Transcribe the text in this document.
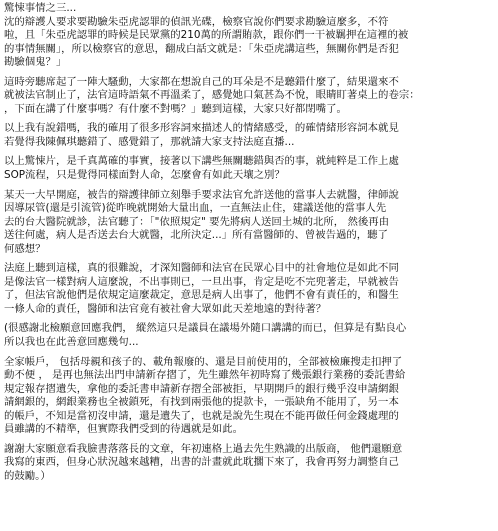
驚悚事情之三...
沈的辯護人要求要勘驗朱亞虎認罪的偵訊光碟，檢察官說你們要求勘驗這麼多，不符
啦，且「朱亞虎認罪的時候是民眾黨的210萬的所謂賄款，跟你們一干被羈押在這裡的被
的事情無關」，所以檢察官的意思，翻成白話文就是：「朱亞虎講這些，無關你們是否犯
勘驗個鬼？」
這時旁聽席起了一陣大騷動，大家都在想說自己的耳朵是不是聽錯什麼了，結果還來不
就被法官制止了，法官這時語氣不再溫柔了，感覺她口氣甚為不悅，眼睛盯著桌上的卷宗：
，下面在講了什麼事嗎？有什麼不對嗎？」聽到這樣，大家只好都閉嘴了。
以上我有說錯嗎，我的確用了很多形容詞來描述人的情緒感受，的確情緒形容詞本就見
若覺得我陳佩琪聽錯了、感覺錯了，那就請大家支持法庭直播...
以上驚悚片，是千真萬確的事實，接著以下講些無關聽錯與否的事，就純粹是工作上處
SOP流程，只是覺得同樣面對人命，怎麼會有如此天壤之別？
某天一大早開庭，被告的辯護律師立刻舉手要求法官允許送他的當事人去就醫，律師說
因導尿管(還是引流管)從昨晚就開始大量出血，一直無法止住，建議送他的當事人先
去的台大醫院就診，法官聽了：「"依照規定" 要先將病人送回土城的北所， 然後再由
送往何處，病人是否送去台大就醫，北所決定...」所有當醫師的、曾被告過的，聽了
何感想？
法庭上聽到這樣，真的很難說，才深知醫師和法官在民眾心目中的社會地位是如此不同
是像法官一樣對病人這麼說，不出事則已，一旦出事，肯定是吃不完兜著走，早就被告
了，但法官說他們是依規定這麼裁定，意思是病人出事了，他們不會有責任的，和醫生
一條人命的責任，醫師和法官竟有被社會大眾如此天差地遠的對待著？
(很感謝北檢願意回應我們， 縱然這只是議員在議場外隨口講講的而已，但算是有點良心
所以我也在此善意回應幾句...
全家帳戶， 包括母親和孩子的、載角報廢的、還是目前使用的，全部被檢廉搜走扣押了
動不便 ， 是再也無法出門申請新存摺了，先生雖然年初時寫了幾張銀行業務的委託書給
規定報存摺遺失，拿他的委託書申請新存摺全部被拒，早期開戶的銀行幾乎沒申請網銀
請網銀的，網銀業務也全被鎖死，有找到兩張他的提款卡，一張缺角不能用了，另一本
的帳戶，不知是當初沒申請，還是遺失了，也就是說先生現在不能再做任何金錢處理的
員雖講的不精準，但實際我們受到的待遇就是如此。
謝謝大家願意看我臉書落落長的文章，年初連格上過去先生熟識的出版商， 他們還願意
我寫的東西，但身心狀況越來越糟，出書的計畫就此耽擱下來了，我會再努力調整自己
的鼓勵。）
